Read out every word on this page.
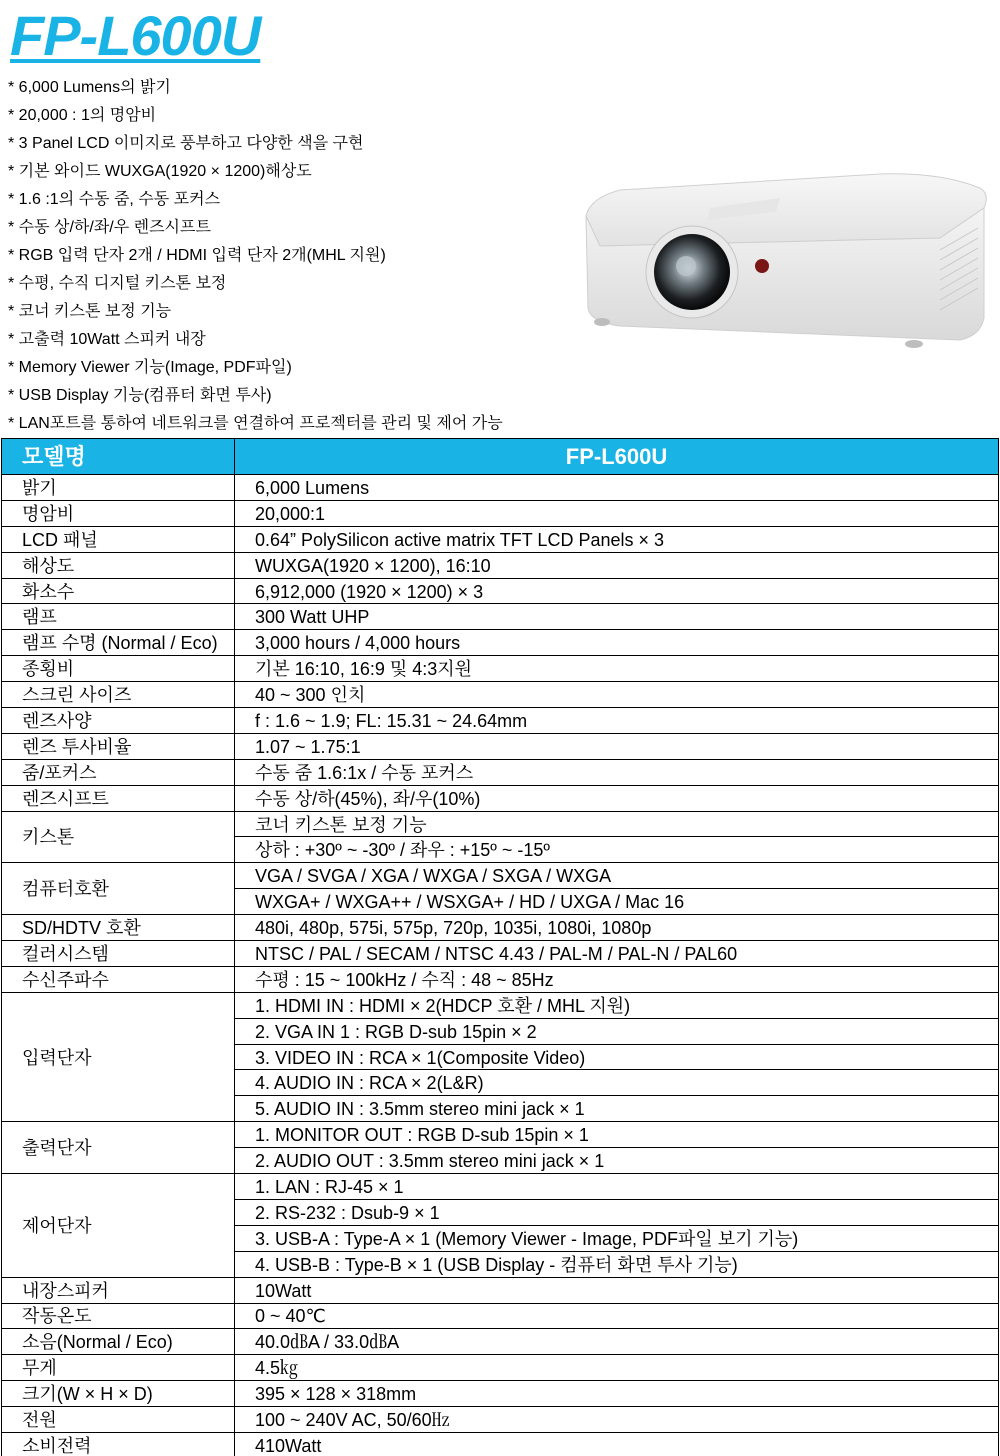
FP-L600U
* 6,000 Lumens의 밝기
* 20,000 : 1의 명암비
* 3 Panel LCD 이미지로 풍부하고 다양한 색을 구현
* 기본 와이드 WUXGA(1920 × 1200)해상도
* 1.6 :1의 수동 줌, 수동 포커스
* 수동 상/하/좌/우 렌즈시프트
* RGB 입력 단자 2개 / HDMI 입력 단자 2개(MHL 지원)
* 수평, 수직 디지털 키스톤 보정
* 코너 키스톤 보정 기능
* 고출력 10Watt 스피커 내장
* Memory Viewer 기능(Image, PDF파일)
* USB Display 기능(컴퓨터 화면 투사)
* LAN포트를 통하여 네트워크를 연결하여 프로젝터를 관리 및 제어 가능
모델명	FP-L600U
밝기	6,000 Lumens
명암비	20,000:1
LCD 패널	0.64” PolySilicon active matrix TFT LCD Panels × 3
해상도	WUXGA(1920 × 1200), 16:10
화소수	6,912,000 (1920 × 1200) × 3
램프	300 Watt UHP
램프 수명 (Normal / Eco)	3,000 hours / 4,000 hours
종횡비	기본 16:10, 16:9 및 4:3지원
스크린 사이즈	40 ~ 300 인치
렌즈사양	f : 1.6 ~ 1.9; FL: 15.31 ~ 24.64mm
렌즈 투사비율	1.07 ~ 1.75:1
줌/포커스	수동 줌 1.6:1x / 수동 포커스
렌즈시프트	수동 상/하(45%), 좌/우(10%)
키스톤	코너 키스톤 보정 기능
	상하 : +30º ~ -30º / 좌우 : +15º ~ -15º
컴퓨터호환	VGA / SVGA / XGA / WXGA / SXGA / WXGA
	WXGA+ / WXGA++ / WSXGA+ / HD / UXGA / Mac 16
SD/HDTV 호환	480i, 480p, 575i, 575p, 720p, 1035i, 1080i, 1080p
컬러시스템	NTSC / PAL / SECAM / NTSC 4.43 / PAL-M / PAL-N / PAL60
수신주파수	수평 : 15 ~ 100kHz / 수직 : 48 ~ 85Hz
입력단자	1. HDMI IN : HDMI × 2(HDCP 호환 / MHL 지원)
	2. VGA IN 1 : RGB D-sub 15pin × 2
	3. VIDEO IN : RCA × 1(Composite Video)
	4. AUDIO IN : RCA × 2(L&R)
	5. AUDIO IN : 3.5mm stereo mini jack × 1
출력단자	1. MONITOR OUT : RGB D-sub 15pin × 1
	2. AUDIO OUT : 3.5mm stereo mini jack × 1
제어단자	1. LAN : RJ-45 × 1
	2. RS-232 : Dsub-9 × 1
	3. USB-A : Type-A × 1 (Memory Viewer - Image, PDF파일 보기 기능)
	4. USB-B : Type-B × 1 (USB Display - 컴퓨터 화면 투사 기능)
내장스피커	10Watt
작동온도	0 ~ 40℃
소음(Normal / Eco)	40.0㏈A / 33.0㏈A
무게	4.5㎏
크기(W × H × D)	395 × 128 × 318mm
전원	100 ~ 240V AC, 50/60㎐
소비전력	410Watt
